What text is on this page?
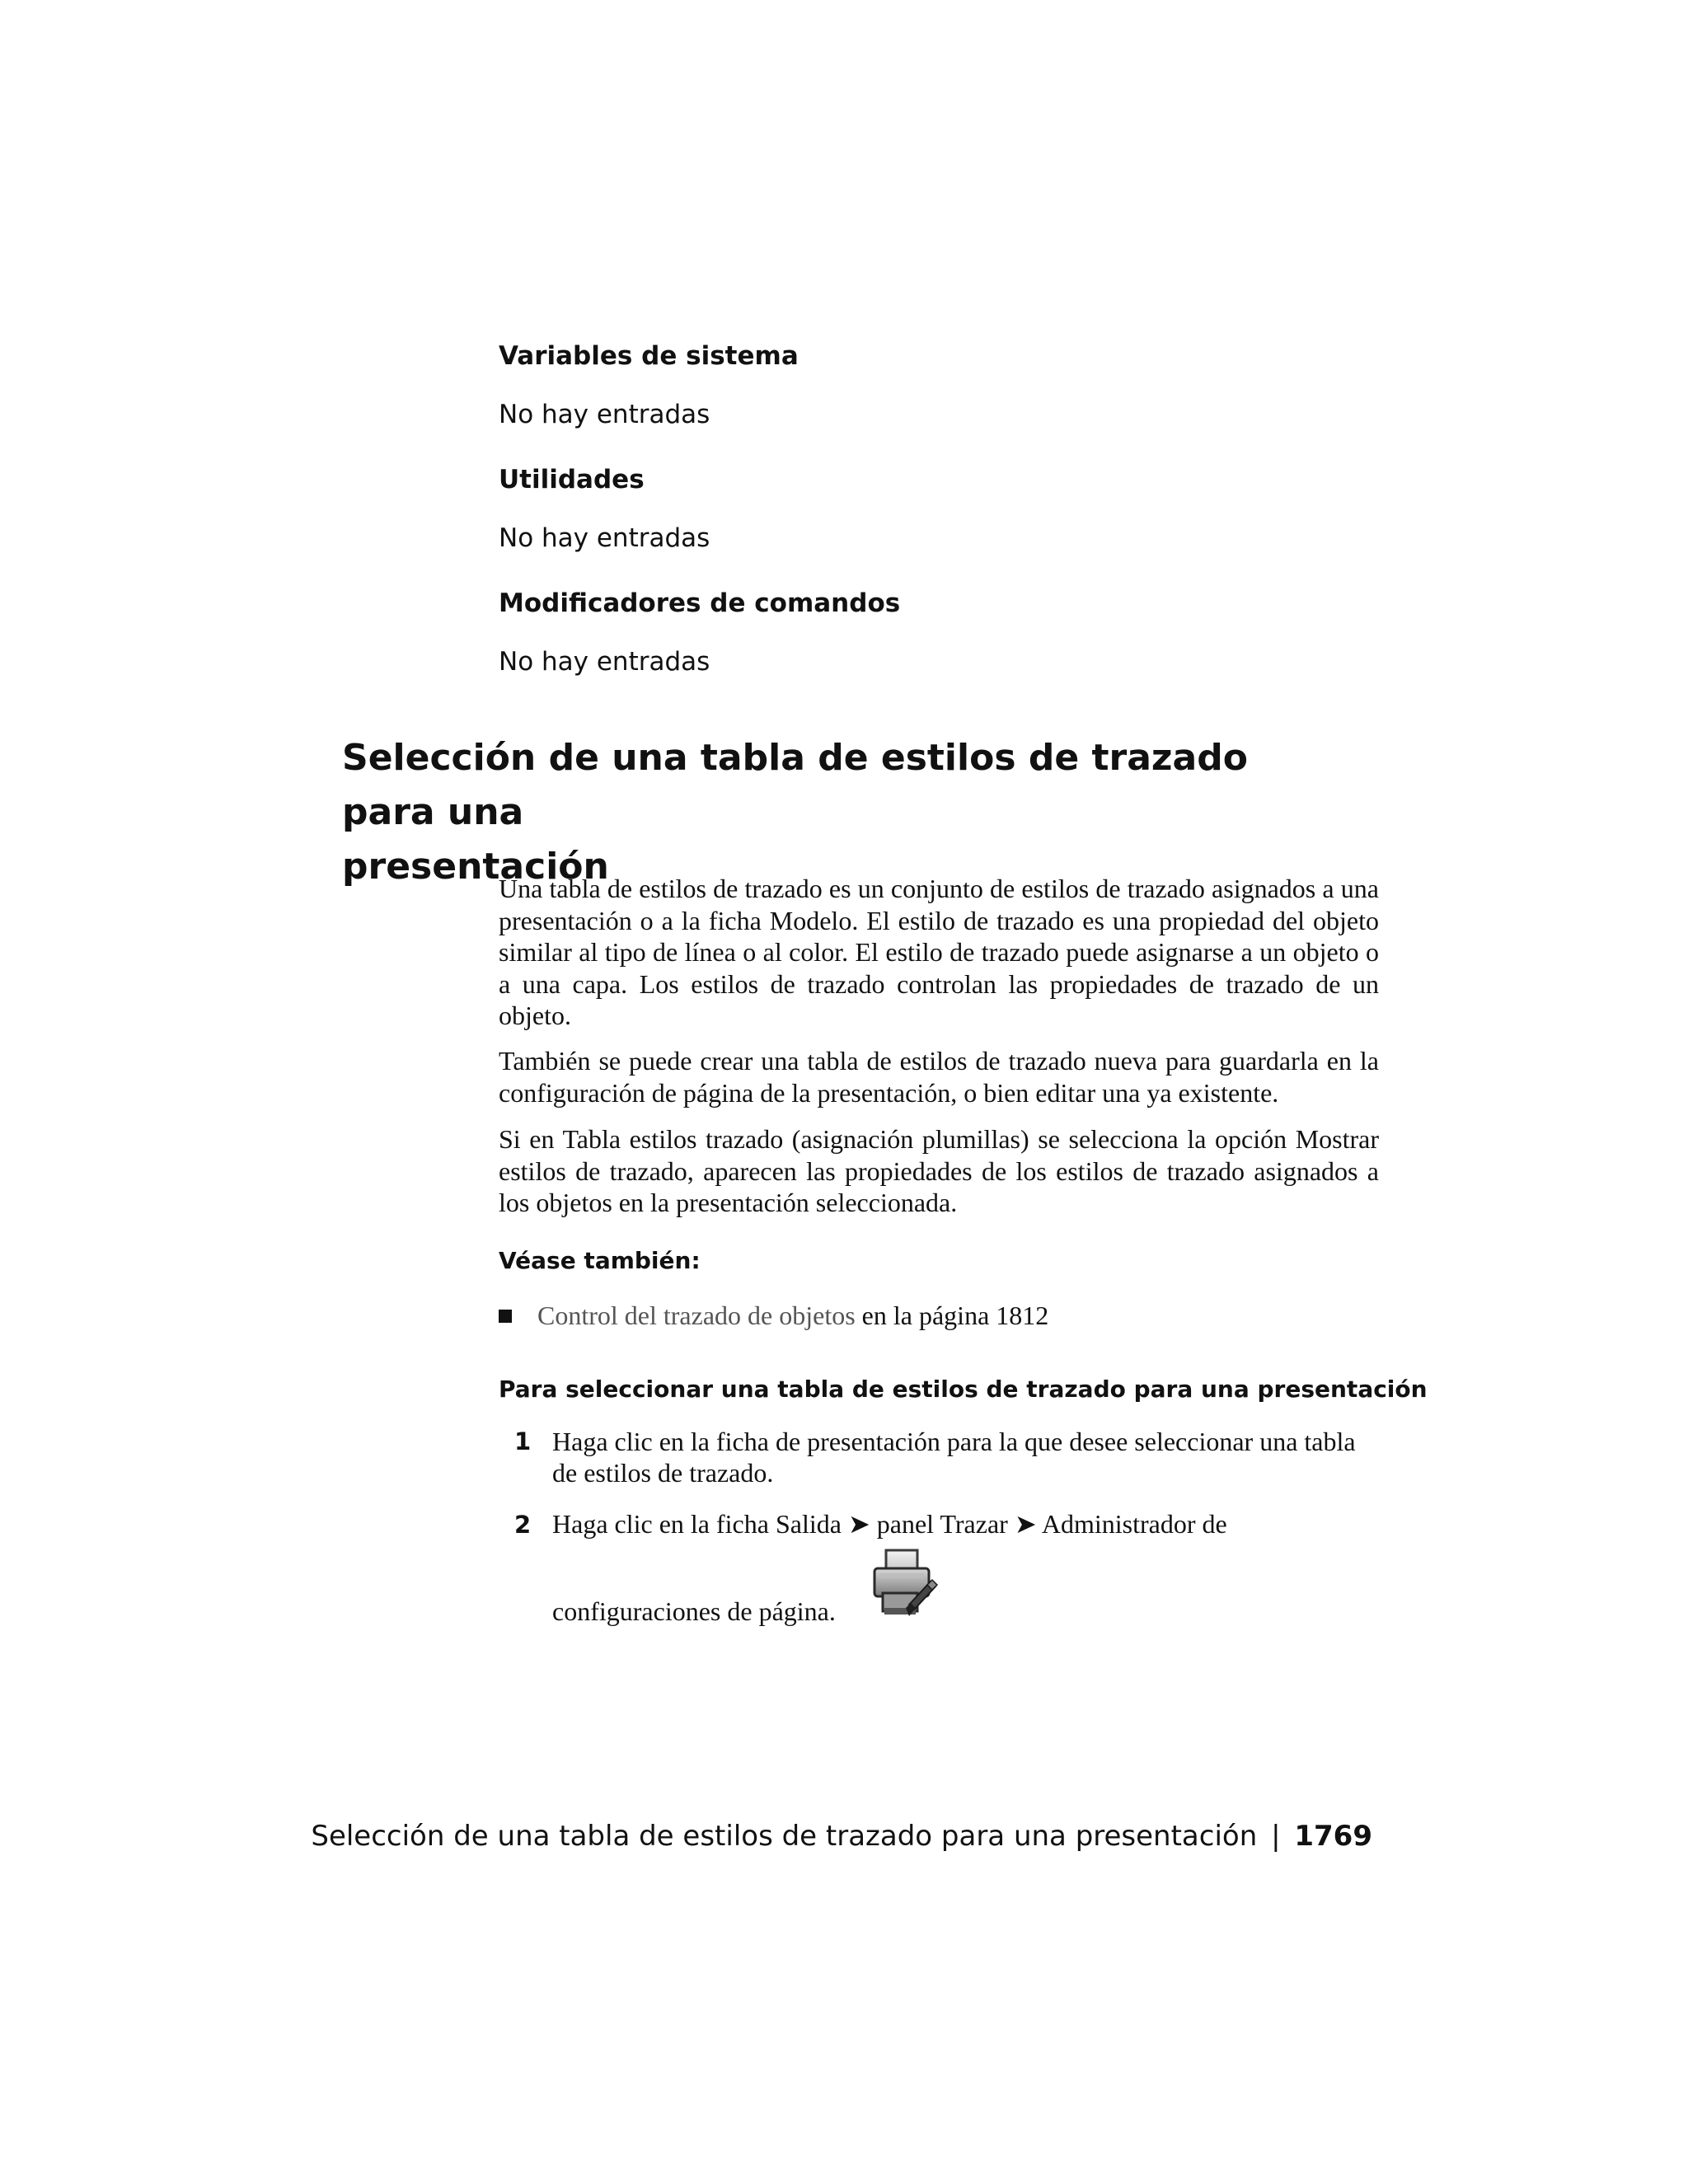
Variables de sistema
No hay entradas
Utilidades
No hay entradas
Modificadores de comandos
No hay entradas
Selección de una tabla de estilos de trazado para una
presentación
Una tabla de estilos de trazado es un conjunto de estilos de trazado asignados a una presentación o a la ficha Modelo. El estilo de trazado es una propiedad del objeto similar al tipo de línea o al color. El estilo de trazado puede asignarse a un objeto o a una capa. Los estilos de trazado controlan las propiedades de trazado de un objeto.
También se puede crear una tabla de estilos de trazado nueva para guardarla en la configuración de página de la presentación, o bien editar una ya existente.
Si en Tabla estilos trazado (asignación plumillas) se selecciona la opción Mostrar estilos de trazado, aparecen las propiedades de los estilos de trazado asignados a los objetos en la presentación seleccionada.
Véase también:
Control del trazado de objetos en la página 1812
Para seleccionar una tabla de estilos de trazado para una presentación
1 Haga clic en la ficha de presentación para la que desee seleccionar una tabla de estilos de trazado.
2 Haga clic en la ficha Salida ➤ panel Trazar ➤ Administrador de
configuraciones de página.
Selección de una tabla de estilos de trazado para una presentación | 1769
